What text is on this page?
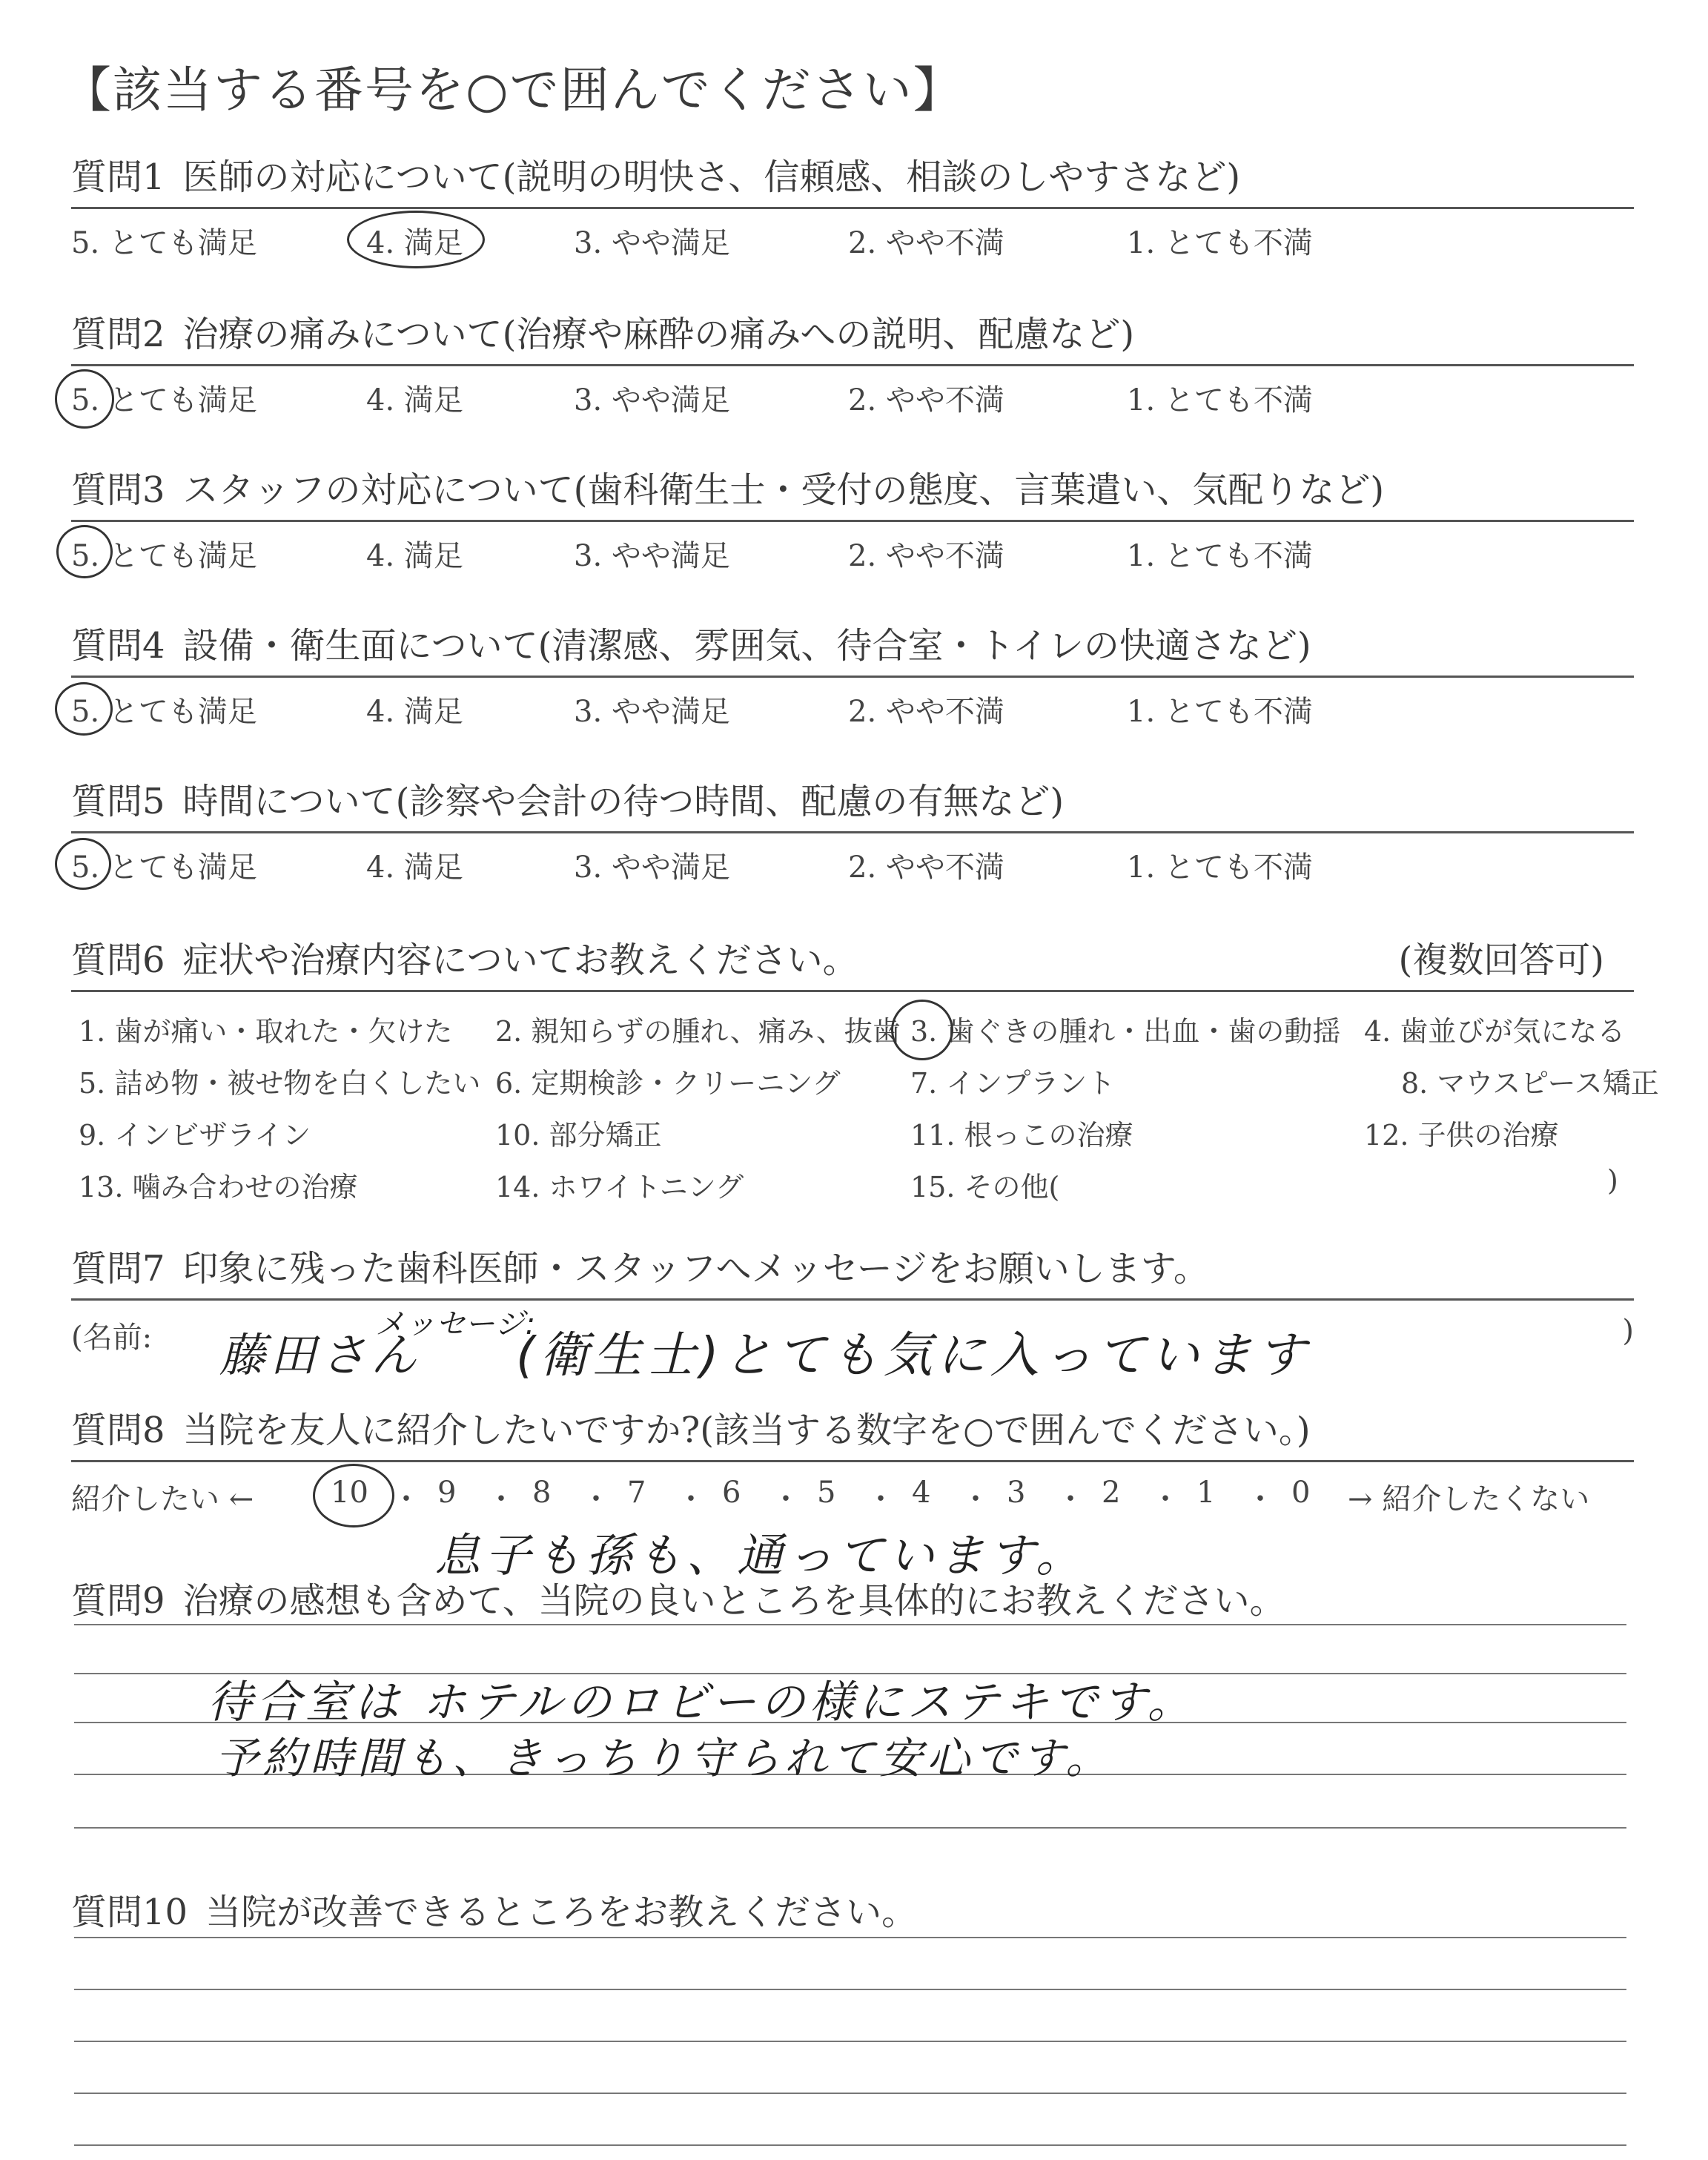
【該当する番号を○で囲んでください】
質問1 医師の対応について(説明の明快さ、信頼感、相談のしやすさなど)
5. とても満足	4. 満足	3. やや満足	2. やや不満	1. とても不満
質問2 治療の痛みについて(治療や麻酔の痛みへの説明、配慮など)
5. とても満足	4. 満足	3. やや満足	2. やや不満	1. とても不満
質問3 スタッフの対応について(歯科衛生士・受付の態度、言葉遣い、気配りなど)
5. とても満足	4. 満足	3. やや満足	2. やや不満	1. とても不満
質問4 設備・衛生面について(清潔感、雰囲気、待合室・トイレの快適さなど)
5. とても満足	4. 満足	3. やや満足	2. やや不満	1. とても不満
質問5 時間について(診察や会計の待つ時間、配慮の有無など)
5. とても満足	4. 満足	3. やや満足	2. やや不満	1. とても不満
質問6 症状や治療内容についてお教えください。	(複数回答可)
1. 歯が痛い・取れた・欠けた 2. 親知らずの腫れ、痛み、抜歯 3. 歯ぐきの腫れ・出血・歯の動揺 4. 歯並びが気になる
5. 詰め物・被せ物を白くしたい 6. 定期検診・クリーニング 7. インプラント	8. マウスピース矯正
9. インビザライン	10. 部分矯正	11. 根っこの治療	12. 子供の治療
13. 噛み合わせの治療	14. ホワイトニング	15. その他(	)
質問7 印象に残った歯科医師・スタッフへメッセージをお願いします。
(名前: 藤田さん
メッセージ:
(衛生士)とても気に入っています	)
質問8 当院を友人に紹介したいですか?(該当する数字を○で囲んでください。)
紹介したい ←	10 ・ 9 ・ 8 ・ 7 ・ 6 ・ 5 ・ 4 ・ 3 ・ 2 ・ 1 ・ 0 → 紹介したくない
息子も孫も、通っています。
質問9 治療の感想も含めて、当院の良いところを具体的にお教えください。
待合室は ホテルのロビーの様にステキです。
予約時間も、きっちり守られて安心です。
質問10 当院が改善できるところをお教えください。
